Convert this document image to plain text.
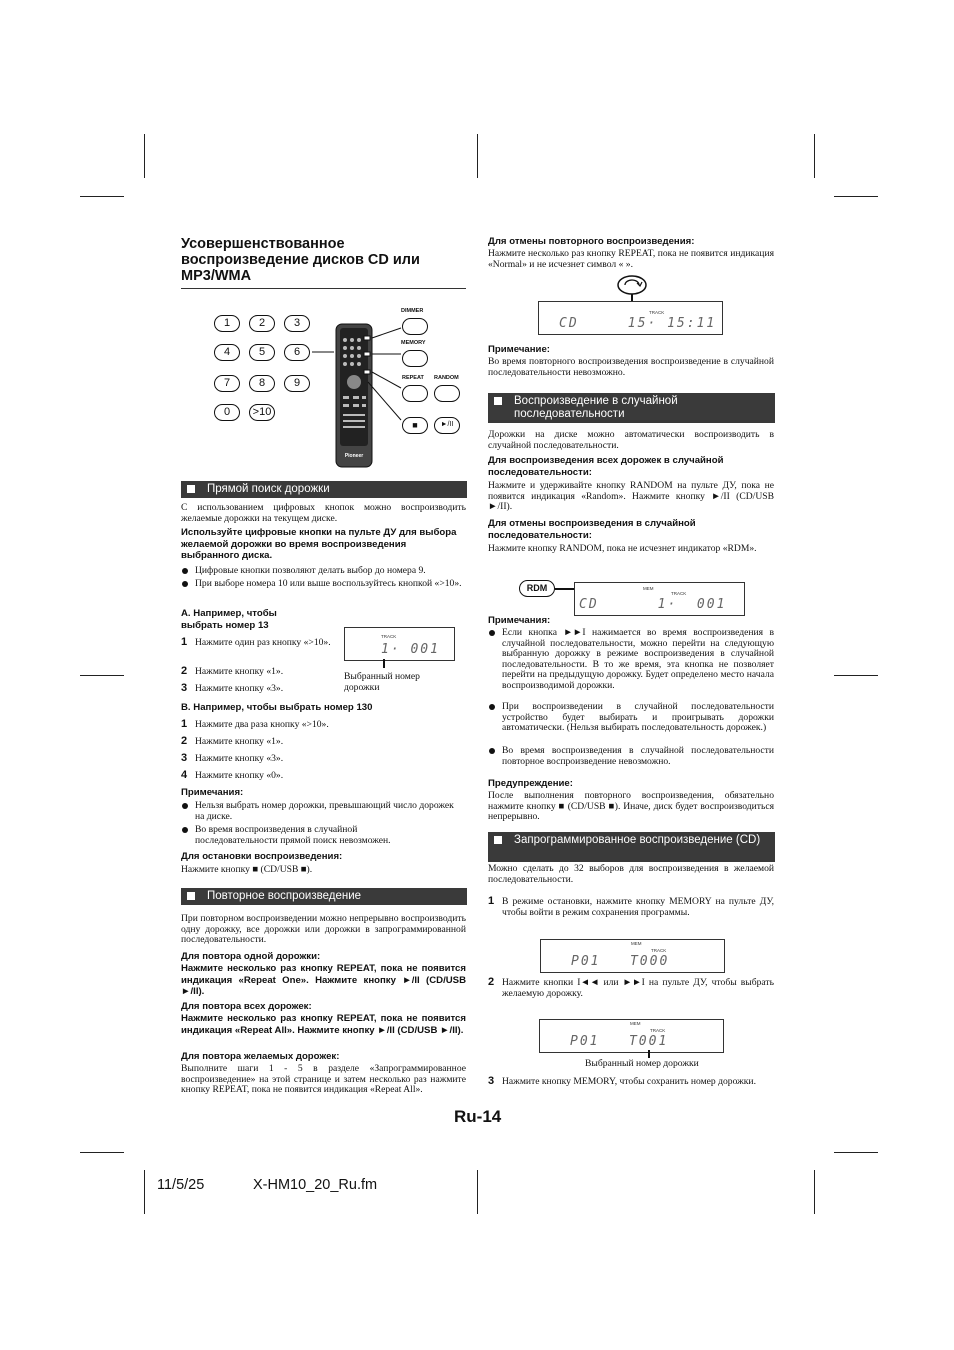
Усовершенствованное воспроизведение дисков CD или MP3/WMA
1	2	3
4	5	6
7	8	9
0	>10
Pioneer
DIMMER
MEMORY
REPEAT RANDOM
■	►/II
Прямой поиск дорожки
С использованием цифровых кнопок можно воспроизводить желаемые дорожки на текущем диске.
Используйте цифровые кнопки на пульте ДУ для выбора желаемой дорожки во время воспроизведения выбранного диска.
Цифровые кнопки позволяют делать выбор до номера 9.
При выборе номера 10 или выше воспользуйтесь кнопкой «>10».
A. Например, чтобы выбрать номер 13
1 Нажмите один раз кнопку «>10».
2 Нажмите кнопку «1».
3 Нажмите кнопку «3».
TRACK
1· 001
Выбранный номер дорожки
B. Например, чтобы выбрать номер 130
1 Нажмите два раза кнопку «>10».
2 Нажмите кнопку «1».
3 Нажмите кнопку «3».
4 Нажмите кнопку «0».
Примечания:
Нельзя выбрать номер дорожки, превышающий число дорожек на диске.
Во время воспроизведения в случайной последовательности прямой поиск невозможен.
Для остановки воспроизведения:
Нажмите кнопку ■ (CD/USB ■).
Повторное воспроизведение
При повторном воспроизведении можно непрерывно воспроизводить одну дорожку, все дорожки или дорожки в запрограммированной последовательности.
Для повтора одной дорожки:
Нажмите несколько раз кнопку REPEAT, пока не появится индикация «Repeat One». Нажмите кнопку ►/II (CD/USB ►/II).
Для повтора всех дорожек:
Нажмите несколько раз кнопку REPEAT, пока не появится индикация «Repeat All». Нажмите кнопку ►/II (CD/USB ►/II).
Для повтора желаемых дорожек:
Выполните шаги 1 - 5 в разделе «Запрограммированное воспроизведение» на этой странице и затем несколько раз нажмите кнопку REPEAT, пока не появится индикация «Repeat All».
Для отмены повторного воспроизведения:
Нажмите несколько раз кнопку REPEAT, пока не появится индикация «Normal» и не исчезнет символ « ».
TRACK
CD     15· 15:11
Примечание:
Во время повторного воспроизведения воспроизведение в случайной последовательности невозможно.
Воспроизведение в случайной последовательности
Дорожки на диске можно автоматически воспроизводить в случайной последовательности.
Для воспроизведения всех дорожек в случайной последовательности:
Нажмите и удерживайте кнопку RANDOM на пульте ДУ, пока не появится индикация «Random». Нажмите кнопку ►/II (CD/USB ►/II).
Для отмены воспроизведения в случайной последовательности:
Нажмите кнопку RANDOM, пока не исчезнет индикатор «RDM».
RDM	MEM
TRACK
CD      1·  001
Примечания:
Если кнопка ►►I нажимается во время воспроизведения в случайной последовательности, можно перейти на следующую выбранную дорожку в режиме воспроизведения в случайной последовательности. В то же время, эта кнопка не позволяет перейти на предыдущую дорожку. Будет определено место начала воспроизводимой дорожки.
При воспроизведении в случайной последовательности устройство будет выбирать и проигрывать дорожки автоматически. (Нельзя выбирать последовательность дорожек.)
Во время воспроизведения в случайной последовательности повторное воспроизведение невозможно.
Предупреждение:
После выполнения повторного воспроизведения, обязательно нажмите кнопку ■ (CD/USB ■). Иначе, диск будет воспроизводиться непрерывно.
Запрограммированное воспроизведение (CD)
Можно сделать до 32 выборов для воспроизведения в желаемой последовательности.
1 В режиме остановки, нажмите кнопку MEMORY на пульте ДУ, чтобы войти в режим сохранения программы.
MEM
TRACK
P01   T000
2 Нажмите кнопки I◄◄ или ►►I на пульте ДУ, чтобы выбрать желаемую дорожку.
MEM
TRACK
P01   T001
Выбранный номер дорожки
3 Нажмите кнопку MEMORY, чтобы сохранить номер дорожки.
Ru-14
11/5/25	X-HM10_20_Ru.fm
